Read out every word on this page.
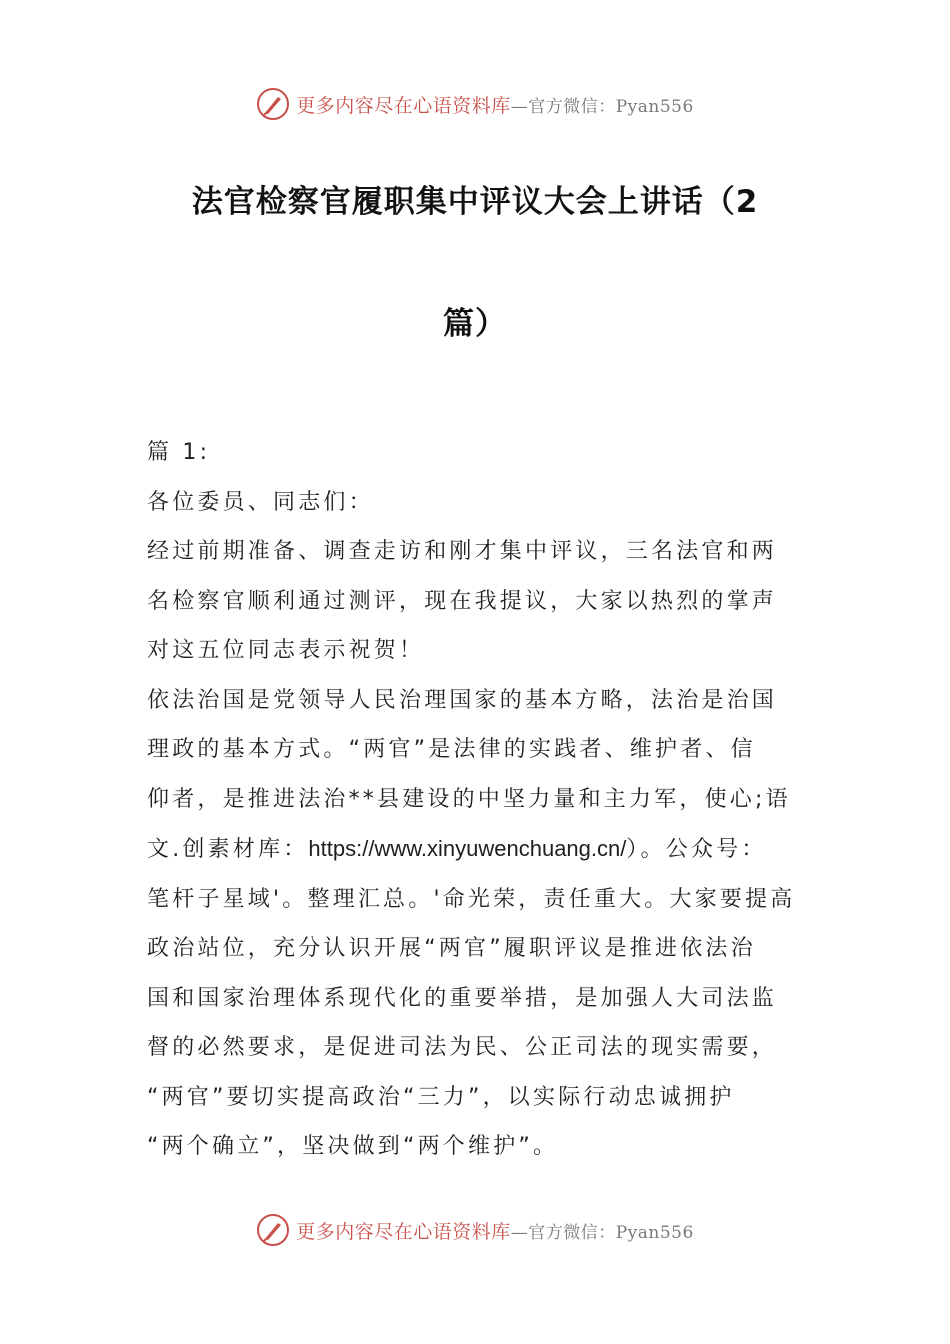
更多内容尽在心语资料库—官方微信：Pyan556
法官检察官履职集中评议大会上讲话（2
篇）

篇 1:

各位委员、同志们：

经过前期准备、调查走访和刚才集中评议，三名法官和两

名检察官顺利通过测评，现在我提议，大家以热烈的掌声

对这五位同志表示祝贺！

依法治国是党领导人民治理国家的基本方略，法治是治国

理政的基本方式。“两官”是法律的实践者、维护者、信

仰者，是推进法治**县建设的中坚力量和主力军，使心;语

文.创素材库：https://www.xinyuwenchuang.cn/）。公众号：

笔杆子星域'。整理汇总。'命光荣，责任重大。大家要提高

政治站位，充分认识开展“两官”履职评议是推进依法治

国和国家治理体系现代化的重要举措，是加强人大司法监

督的必然要求，是促进司法为民、公正司法的现实需要，

“两官”要切实提高政治“三力”，以实际行动忠诚拥护

“两个确立”，坚决做到“两个维护”。

更多内容尽在心语资料库—官方微信：Pyan556
